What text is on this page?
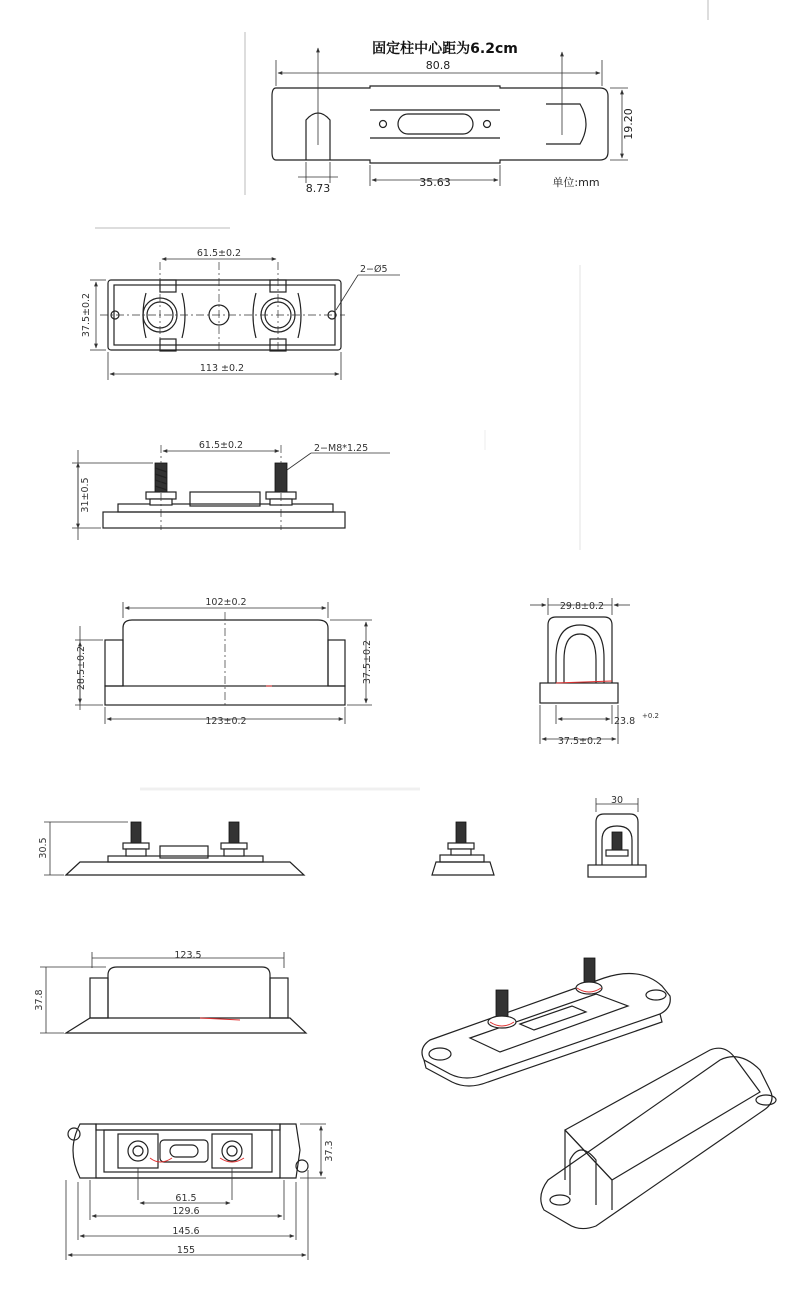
固定柱中心距为6.2cm
80.8
8.73	35.63
19.20
单位:mm
61.5±0.2
2−Ø5
37.5±0.2
113 ±0.2
61.5±0.2	2−M8*1.25
31±0.5
102±0.2
123±0.2
28.5±0.2	37.5±0.2
29.8±0.2
23.8 +0.2
37.5±0.2
30.5
30
123.5
37.8
61.5
129.6
145.6
155
37.3
